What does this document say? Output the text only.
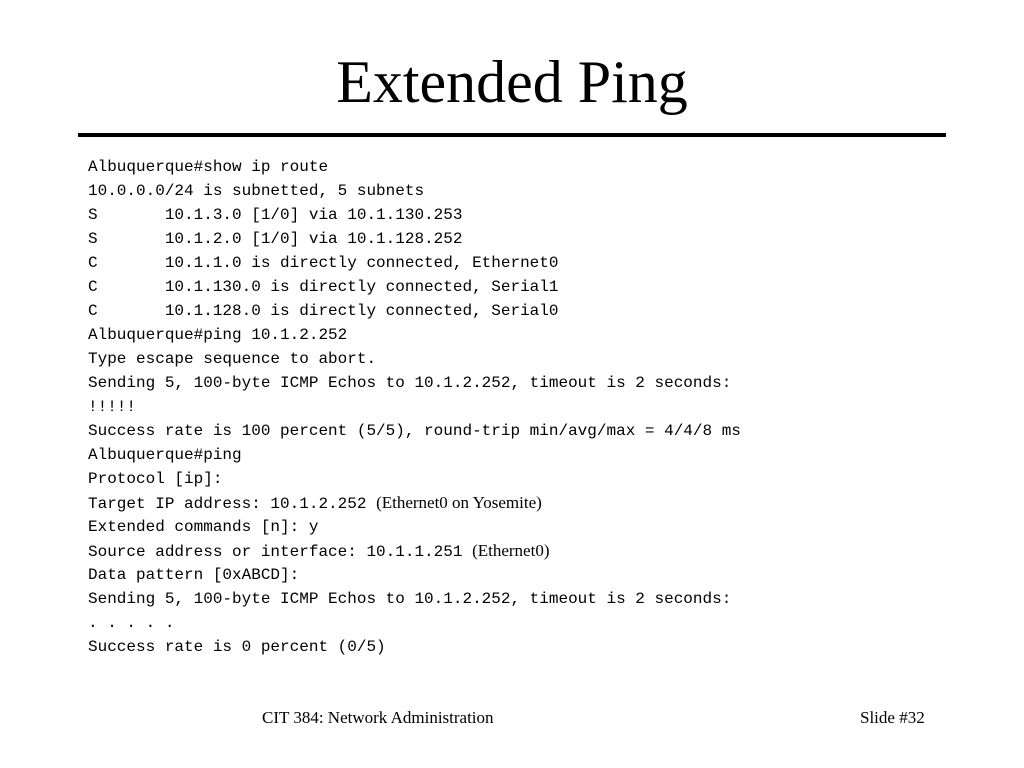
Extended Ping
Albuquerque#show ip route
10.0.0.0/24 is subnetted, 5 subnets
S       10.1.3.0 [1/0] via 10.1.130.253
S       10.1.2.0 [1/0] via 10.1.128.252
C       10.1.1.0 is directly connected, Ethernet0
C       10.1.130.0 is directly connected, Serial1
C       10.1.128.0 is directly connected, Serial0
Albuquerque#ping 10.1.2.252
Type escape sequence to abort.
Sending 5, 100-byte ICMP Echos to 10.1.2.252, timeout is 2 seconds:
!!!!!
Success rate is 100 percent (5/5), round-trip min/avg/max = 4/4/8 ms
Albuquerque#ping
Protocol [ip]:
Target IP address: 10.1.2.252 (Ethernet0 on Yosemite)
Extended commands [n]: y
Source address or interface: 10.1.1.251 (Ethernet0)
Data pattern [0xABCD]:
Sending 5, 100-byte ICMP Echos to 10.1.2.252, timeout is 2 seconds:
. . . . .
Success rate is 0 percent (0/5)
CIT 384: Network Administration	Slide #32
